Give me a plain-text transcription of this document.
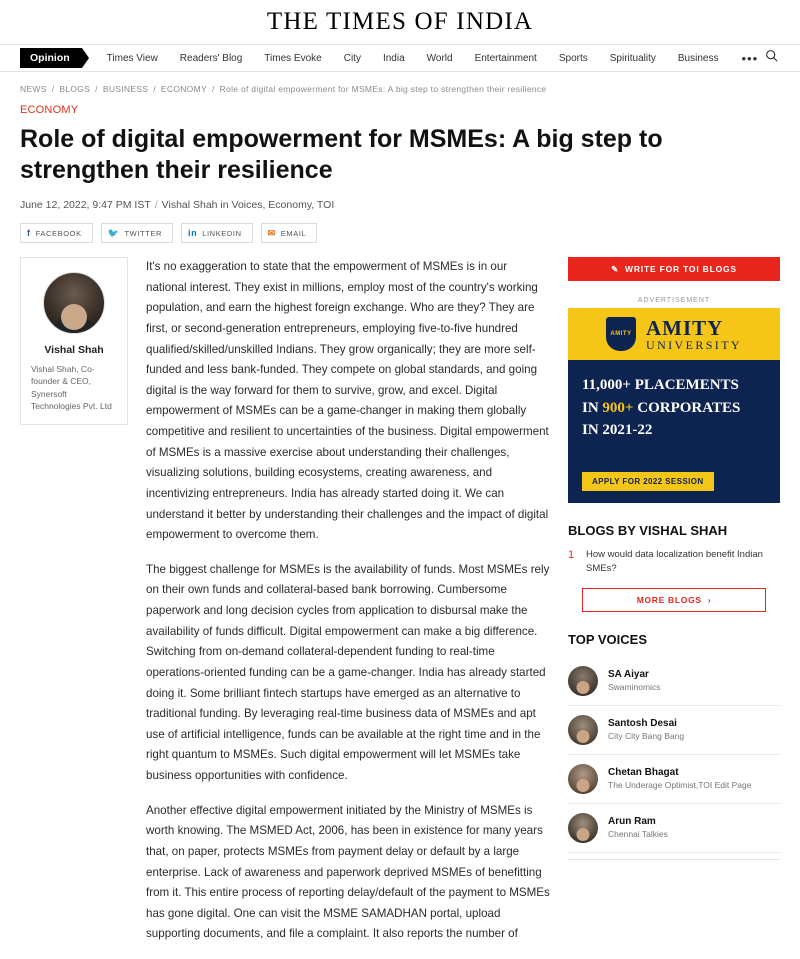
THE TIMES OF INDIA
Opinion	Times View Readers' Blog Times Evoke City India World Entertainment Sports Spirituality Business •••
NEWS / BLOGS / BUSINESS / ECONOMY / Role of digital empowerment for MSMEs: A big step to strengthen their resilience
ECONOMY
Role of digital empowerment for MSMEs: A big step to strengthen their resilience
June 12, 2022, 9:47 PM IST / Vishal Shah in Voices, Economy, TOI
f FACEBOOK	🐦 TWITTER	in LINKEDIN	✉ EMAIL
Vishal Shah
Vishal Shah, Co-founder & CEO, Synersoft Technologies Pvt. Ltd

It's no exaggeration to state that the empowerment of MSMEs is in our national interest. They exist in millions, employ most of the country's working population, and earn the highest foreign exchange. Who are they? They are first, or second-generation entrepreneurs, employing five-to-five hundred qualified/skilled/unskilled Indians. They grow organically; they are more self-funded and less bank-funded. They compete on global standards, and going digital is the way forward for them to survive, grow, and excel. Digital empowerment of MSMEs can be a game-changer in making them globally competitive and resilient to uncertainties of the business. Digital empowerment of MSMEs is a massive exercise about understanding their challenges, visualizing solutions, building ecosystems, creating awareness, and incentivizing entrepreneurs. India has already started doing it. We can understand it better by understanding their challenges and the impact of digital empowerment to overcome them.

The biggest challenge for MSMEs is the availability of funds. Most MSMEs rely on their own funds and collateral-based bank borrowing. Cumbersome paperwork and long decision cycles from application to disbursal make the availability of funds difficult. Digital empowerment can make a big difference. Switching from on-demand collateral-dependent funding to real-time operations-oriented funding can be a game-changer. India has already started doing it. Some brilliant fintech startups have emerged as an alternative to traditional funding. By leveraging real-time business data of MSMEs and apt use of artificial intelligence, funds can be available at the right time and in the right quantum to MSMEs. Such digital empowerment will let MSMEs take business opportunities with confidence.

Another effective digital empowerment initiated by the Ministry of MSMEs is worth knowing. The MSMED Act, 2006, has been in existence for many years that, on paper, protects MSMEs from payment delay or default by a large enterprise. Lack of awareness and paperwork deprived MSMEs of benefitting from it. This entire process of reporting delay/default of the payment to MSMEs has gone digital. One can visit the MSME SAMADHAN portal, upload supporting documents, and file a complaint. It also reports the number of

✎ WRITE FOR TOI BLOGS
ADVERTISEMENT
AMITY AMITY
UNIVERSITY
11,000+ PLACEMENTS
IN 900+ CORPORATES
IN 2021-22
APPLY FOR 2022 SESSION
BLOGS BY VISHAL SHAH
1	How would data localization benefit Indian SMEs?
MORE BLOGS ›
TOP VOICES
SA Aiyar
Swaminomics
Santosh Desai
City City Bang Bang
Chetan Bhagat
The Underage Optimist,TOI Edit Page
Arun Ram
Chennai Talkies
